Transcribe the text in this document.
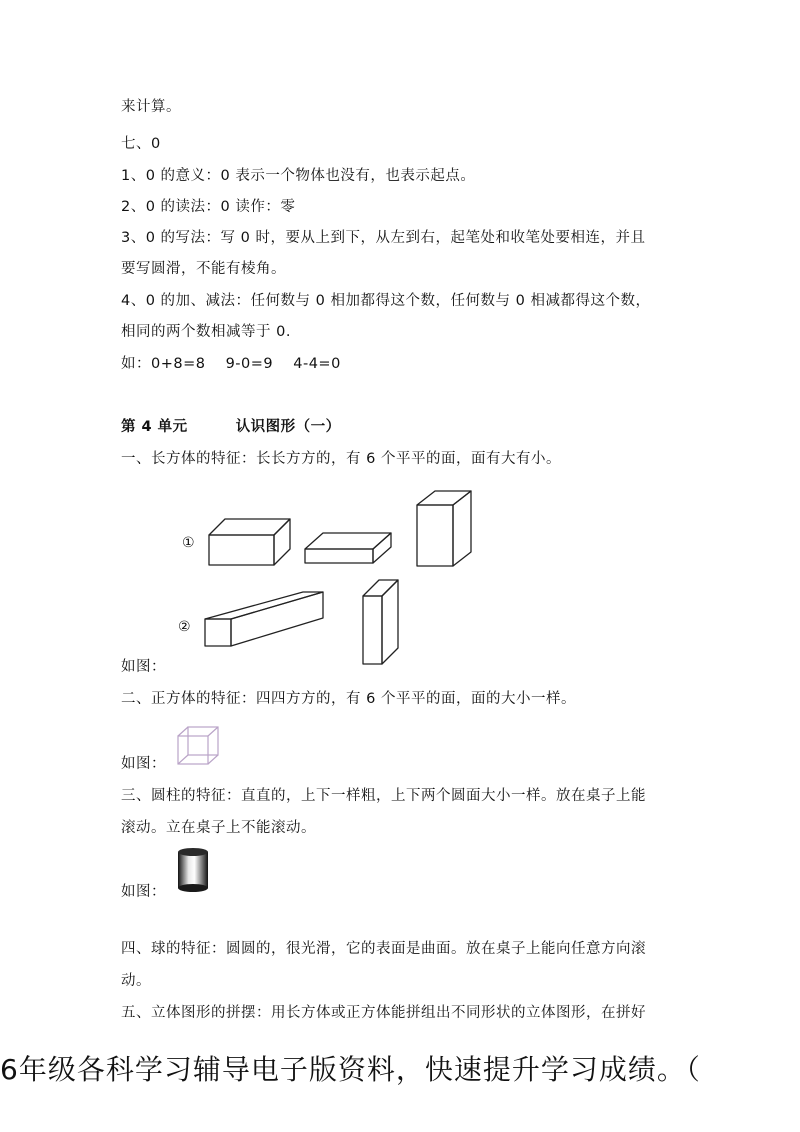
来计算。
七、0
1、0 的意义：0 表示一个物体也没有，也表示起点。
2、0 的读法：0 读作：零
3、0 的写法：写 0 时，要从上到下，从左到右，起笔处和收笔处要相连，并且
要写圆滑，不能有棱角。
4、0 的加、减法：任何数与 0 相加都得这个数，任何数与 0 相减都得这个数，
相同的两个数相减等于 0.
如：0+8=8　 9-0=9　 4-4=0
第 4 单元	认识图形（一）
一、长方体的特征：长长方方的，有 6 个平平的面，面有大有小。
①
②
如图：
二、正方体的特征：四四方方的，有 6 个平平的面，面的大小一样。
如图：
三、圆柱的特征：直直的，上下一样粗，上下两个圆面大小一样。放在桌子上能
滚动。立在桌子上不能滚动。
如图：
四、球的特征：圆圆的，很光滑，它的表面是曲面。放在桌子上能向任意方向滚
动。
五、立体图形的拼摆：用长方体或正方体能拼组出不同形状的立体图形，在拼好
6年级各科学习辅导电子版资料，快速提升学习成绩。（
